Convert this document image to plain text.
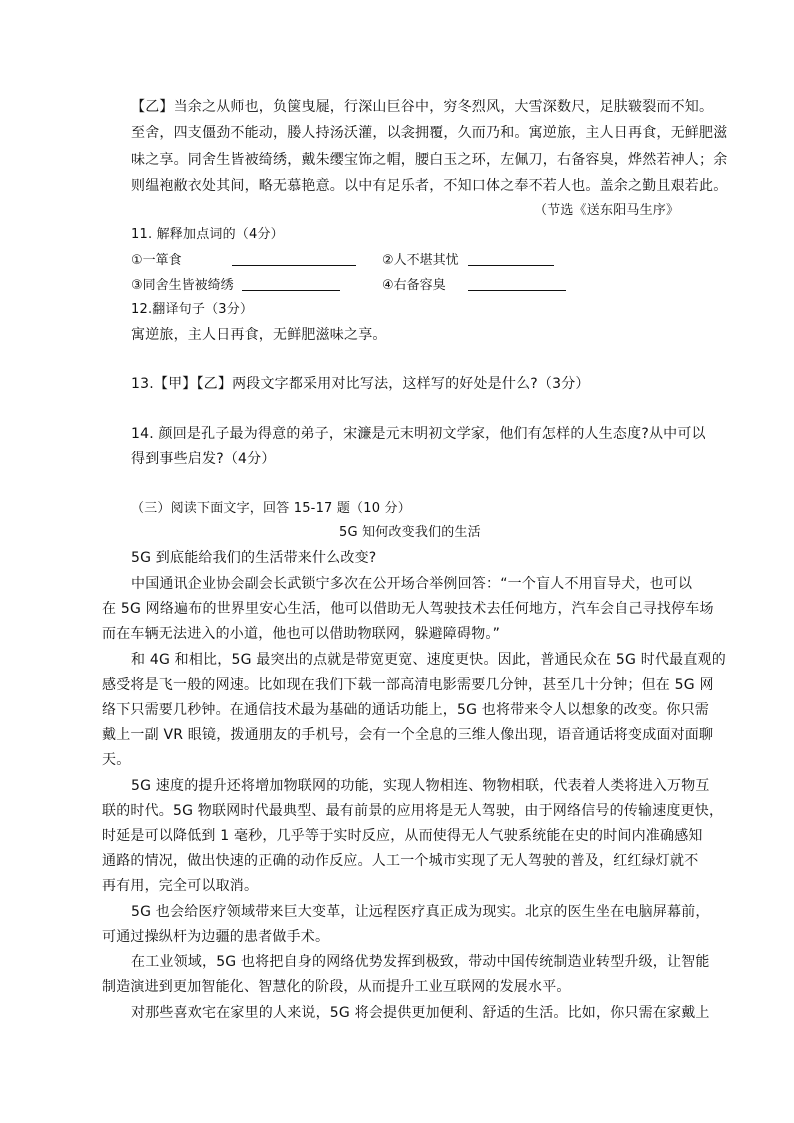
【乙】当余之从师也，负箧曳屣，行深山巨谷中，穷冬烈风，大雪深数尺，足肤皲裂而不知。
至舍，四支僵劲不能动，媵人持汤沃灌，以衾拥覆，久而乃和。寓逆旅，主人日再食，无鲜肥滋
味之享。同舍生皆被绮绣，戴朱缨宝饰之帽，腰白玉之环，左佩刀，右备容臭，烨然若神人；余
则缊袍敝衣处其间，略无慕艳意。以中有足乐者，不知口体之奉不若人也。盖余之勤且艰若此。
（节选《送东阳马生序》
11. 解释加点词的（4分）
①一箪食	②人不堪其忧
③同舍生皆被绮绣	④右备容臭
12.翻译句子（3分）
寓逆旅，主人日再食，无鲜肥滋味之享。
13.【甲】【乙】两段文字都采用对比写法，这样写的好处是什么?（3分）
14. 颜回是孔子最为得意的弟子，宋濂是元末明初文学家，他们有怎样的人生态度?从中可以
得到事些启发?（4分）
（三）阅读下面文字，回答 15-17 题（10 分）
5G 知何改变我们的生活
5G 到底能给我们的生活带来什么改变?
中国通讯企业协会副会长武锁宁多次在公开场合举例回答：“一个盲人不用盲导犬，也可以
在 5G 网络遍布的世界里安心生活，他可以借助无人驾驶技术去任何地方，汽车会自己寻找停车场
而在车辆无法进入的小道，他也可以借助物联网，躲避障碍物。”
和 4G 和相比，5G 最突出的点就是带宽更宽、速度更快。因此，普通民众在 5G 时代最直观的
感受将是飞一般的网速。比如现在我们下载一部高清电影需要几分钟，甚至几十分钟；但在 5G 网
络下只需要几秒钟。在通信技术最为基础的通话功能上，5G 也将带来令人以想象的改变。你只需
戴上一副 VR 眼镜，拨通朋友的手机号，会有一个全息的三维人像出现，语音通话将变成面对面聊
天。
5G 速度的提升还将增加物联网的功能，实现人物相连、物物相联，代表着人类将进入万物互
联的时代。5G 物联网时代最典型、最有前景的应用将是无人驾驶，由于网络信号的传输速度更快，
时延是可以降低到 1 毫秒，几乎等于实时反应，从而使得无人气驶系统能在史的时间内准确感知
通路的情况，做出快速的正确的动作反应。人工一个城市实现了无人驾驶的普及，红红绿灯就不
再有用，完全可以取消。
5G 也会给医疗领域带来巨大变革，让远程医疗真正成为现实。北京的医生坐在电脑屏幕前，
可通过操纵杆为边疆的患者做手术。
在工业领域，5G 也将把自身的网络优势发挥到极致，带动中国传统制造业转型升级，让智能
制造演进到更加智能化、智慧化的阶段，从而提升工业互联网的发展水平。
对那些喜欢宅在家里的人来说，5G 将会提供更加便利、舒适的生活。比如，你只需在家戴上
